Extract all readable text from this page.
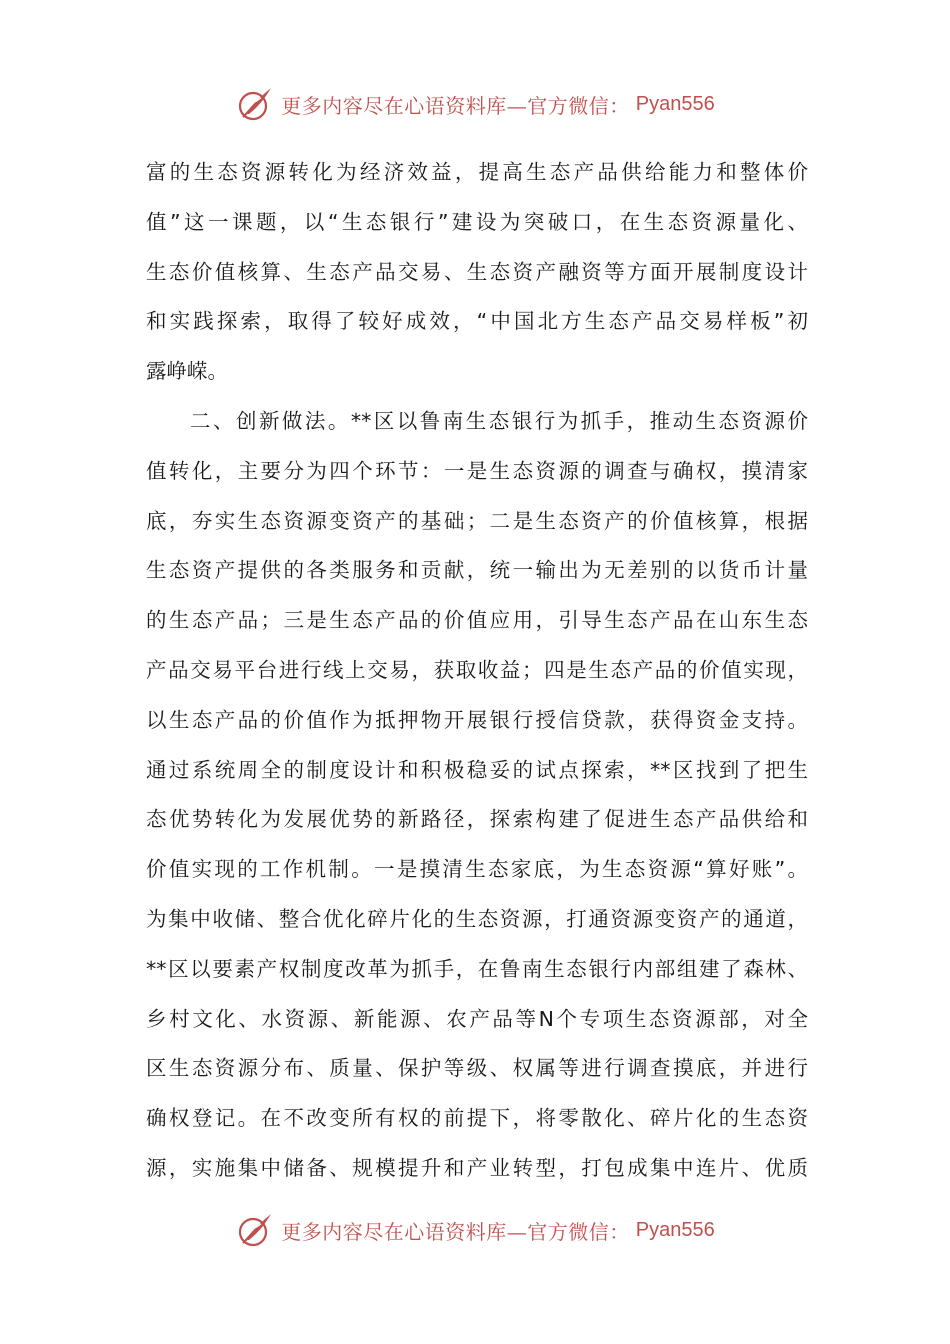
更多内容尽在心语资料库—官方微信： Pyan556
富的生态资源转化为经济效益，提高生态产品供给能力和整体价
值”这一课题，以“生态银行”建设为突破口，在生态资源量化、
生态价值核算、生态产品交易、生态资产融资等方面开展制度设计
和实践探索，取得了较好成效，“中国北方生态产品交易样板”初
露峥嵘。
二、创新做法。**区以鲁南生态银行为抓手，推动生态资源价
值转化，主要分为四个环节：一是生态资源的调查与确权，摸清家
底，夯实生态资源变资产的基础；二是生态资产的价值核算，根据
生态资产提供的各类服务和贡献，统一输出为无差别的以货币计量
的生态产品；三是生态产品的价值应用，引导生态产品在山东生态
产品交易平台进行线上交易，获取收益；四是生态产品的价值实现，
以生态产品的价值作为抵押物开展银行授信贷款，获得资金支持。
通过系统周全的制度设计和积极稳妥的试点探索，**区找到了把生
态优势转化为发展优势的新路径，探索构建了促进生态产品供给和
价值实现的工作机制。一是摸清生态家底，为生态资源“算好账”。
为集中收储、整合优化碎片化的生态资源，打通资源变资产的通道，
**区以要素产权制度改革为抓手，在鲁南生态银行内部组建了森林、
乡村文化、水资源、新能源、农产品等N个专项生态资源部，对全
区生态资源分布、质量、保护等级、权属等进行调查摸底，并进行
确权登记。在不改变所有权的前提下，将零散化、碎片化的生态资
源，实施集中储备、规模提升和产业转型，打包成集中连片、优质
更多内容尽在心语资料库—官方微信： Pyan556
